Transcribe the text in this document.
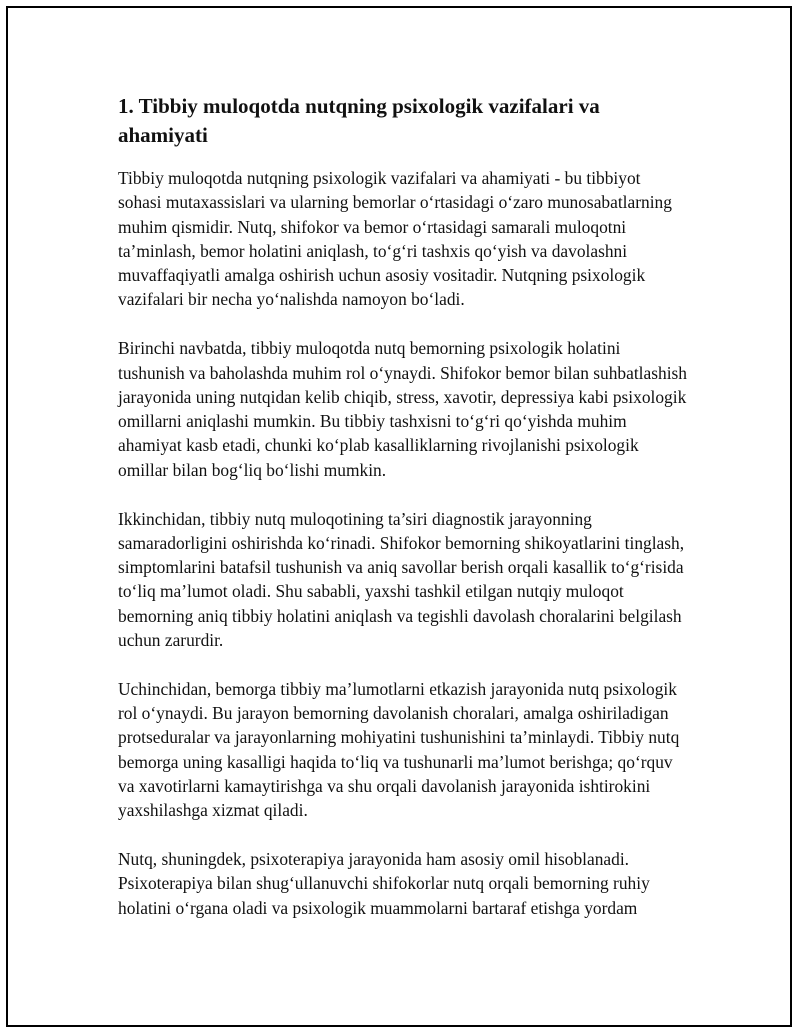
1. Tibbiy muloqotda nutqning psixologik vazifalari va ahamiyati

Tibbiy muloqotda nutqning psixologik vazifalari va ahamiyati - bu tibbiyot sohasi mutaxassislari va ularning bemorlar o‘rtasidagi o‘zaro munosabatlarning muhim qismidir. Nutq, shifokor va bemor o‘rtasidagi samarali muloqotni ta’minlash, bemor holatini aniqlash, to‘g‘ri tashxis qo‘yish va davolashni muvaffaqiyatli amalga oshirish uchun asosiy vositadir. Nutqning psixologik vazifalari bir necha yo‘nalishda namoyon bo‘ladi.

Birinchi navbatda, tibbiy muloqotda nutq bemorning psixologik holatini tushunish va baholashda muhim rol o‘ynaydi. Shifokor bemor bilan suhbatlashish jarayonida uning nutqidan kelib chiqib, stress, xavotir, depressiya kabi psixologik omillarni aniqlashi mumkin. Bu tibbiy tashxisni to‘g‘ri qo‘yishda muhim ahamiyat kasb etadi, chunki ko‘plab kasalliklarning rivojlanishi psixologik omillar bilan bog‘liq bo‘lishi mumkin.

Ikkinchidan, tibbiy nutq muloqotining ta’siri diagnostik jarayonning samaradorligini oshirishda ko‘rinadi. Shifokor bemorning shikoyatlarini tinglash, simptomlarini batafsil tushunish va aniq savollar berish orqali kasallik to‘g‘risida to‘liq ma’lumot oladi. Shu sababli, yaxshi tashkil etilgan nutqiy muloqot bemorning aniq tibbiy holatini aniqlash va tegishli davolash choralarini belgilash uchun zarurdir.

Uchinchidan, bemorga tibbiy ma’lumotlarni etkazish jarayonida nutq psixologik rol o‘ynaydi. Bu jarayon bemorning davolanish choralari, amalga oshiriladigan protseduralar va jarayonlarning mohiyatini tushunishini ta’minlaydi. Tibbiy nutq bemorga uning kasalligi haqida to‘liq va tushunarli ma’lumot berishga; qo‘rquv va xavotirlarni kamaytirishga va shu orqali davolanish jarayonida ishtirokini yaxshilashga xizmat qiladi.

Nutq, shuningdek, psixoterapiya jarayonida ham asosiy omil hisoblanadi. Psixoterapiya bilan shug‘ullanuvchi shifokorlar nutq orqali bemorning ruhiy holatini o‘rgana oladi va psixologik muammolarni bartaraf etishga yordam
